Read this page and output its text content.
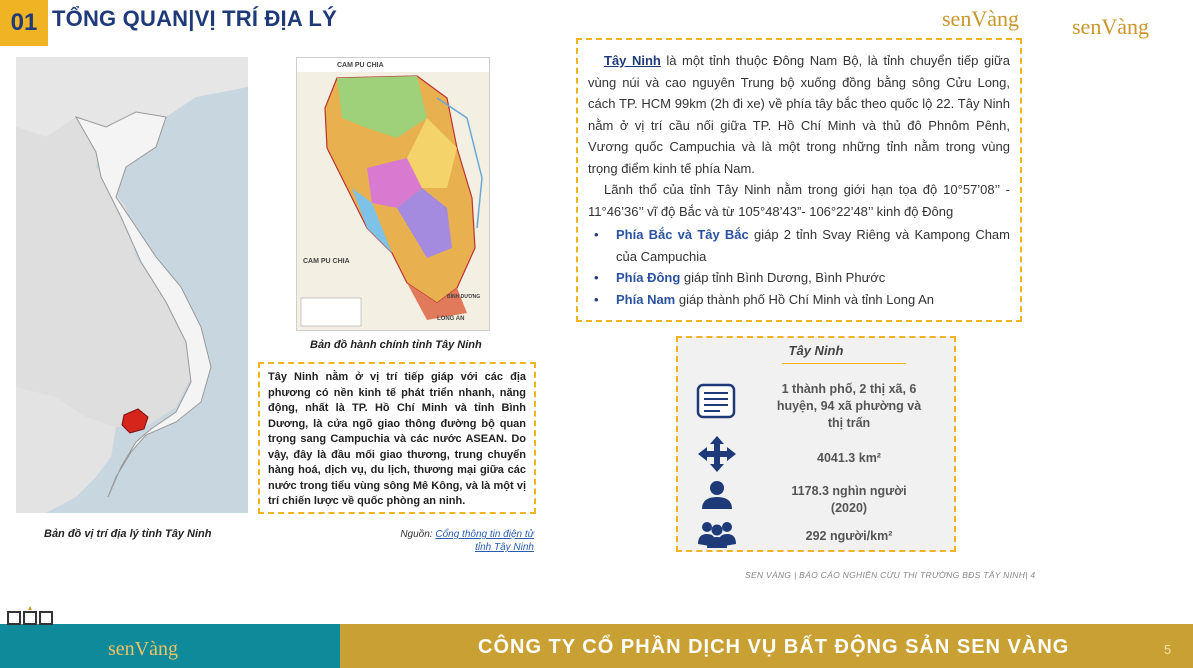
01 TỔNG QUAN|VỊ TRÍ ĐỊA LÝ	senVàng senVàng
Bản đồ vị trí địa lý tỉnh Tây Ninh
CAM PU CHIA
CAM PU CHIA
LONG AN
BÌNH DƯƠNG
Bản đồ hành chính tỉnh Tây Ninh
Tây Ninh nằm ở vị trí tiếp giáp với các địa phương có nền kinh tế phát triển nhanh, năng động, nhất là TP. Hồ Chí Minh và tỉnh Bình Dương, là cửa ngõ giao thông đường bộ quan trọng sang Campuchia và các nước ASEAN. Do vậy, đây là đầu mối giao thương, trung chuyển hàng hoá, dịch vụ, du lịch, thương mại giữa các nước trong tiểu vùng sông Mê Kông, và là một vị trí chiến lược về quốc phòng an ninh.
Nguồn: Cổng thông tin điện tử tỉnh Tây Ninh

Tây Ninh là một tỉnh thuộc Đông Nam Bộ, là tỉnh chuyển tiếp giữa vùng núi và cao nguyên Trung bộ xuống đồng bằng sông Cửu Long, cách TP. HCM 99km (2h đi xe) về phía tây bắc theo quốc lộ 22. Tây Ninh nằm ở vị trí cầu nối giữa TP. Hồ Chí Minh và thủ đô Phnôm Pênh, Vương quốc Campuchia và là một trong những tỉnh nằm trong vùng trọng điểm kinh tế phía Nam.

Lãnh thổ của tỉnh Tây Ninh nằm trong giới hạn tọa độ 10°57’08’’ - 11°46’36’’ vĩ độ Bắc và từ 105°48’43”- 106°22’48’’ kinh độ Đông

• Phía Bắc và Tây Bắc giáp 2 tỉnh Svay Riêng và Kampong Cham của Campuchia
• Phía Đông giáp tỉnh Bình Dương, Bình Phước
• Phía Nam giáp thành phố Hồ Chí Minh và tỉnh Long An
Tây Ninh
1 thành phố, 2 thị xã, 6 huyện, 94 xã phường và thị trấn
4041.3 km²
1178.3 nghìn người (2020)
292 người/km²
SEN VÀNG | BÁO CÁO NGHIÊN CỨU THỊ TRƯỜNG BĐS TÂY NINH| 4
senVàng	CÔNG TY CỔ PHẦN DỊCH VỤ BẤT ĐỘNG SẢN SEN VÀNG	5
